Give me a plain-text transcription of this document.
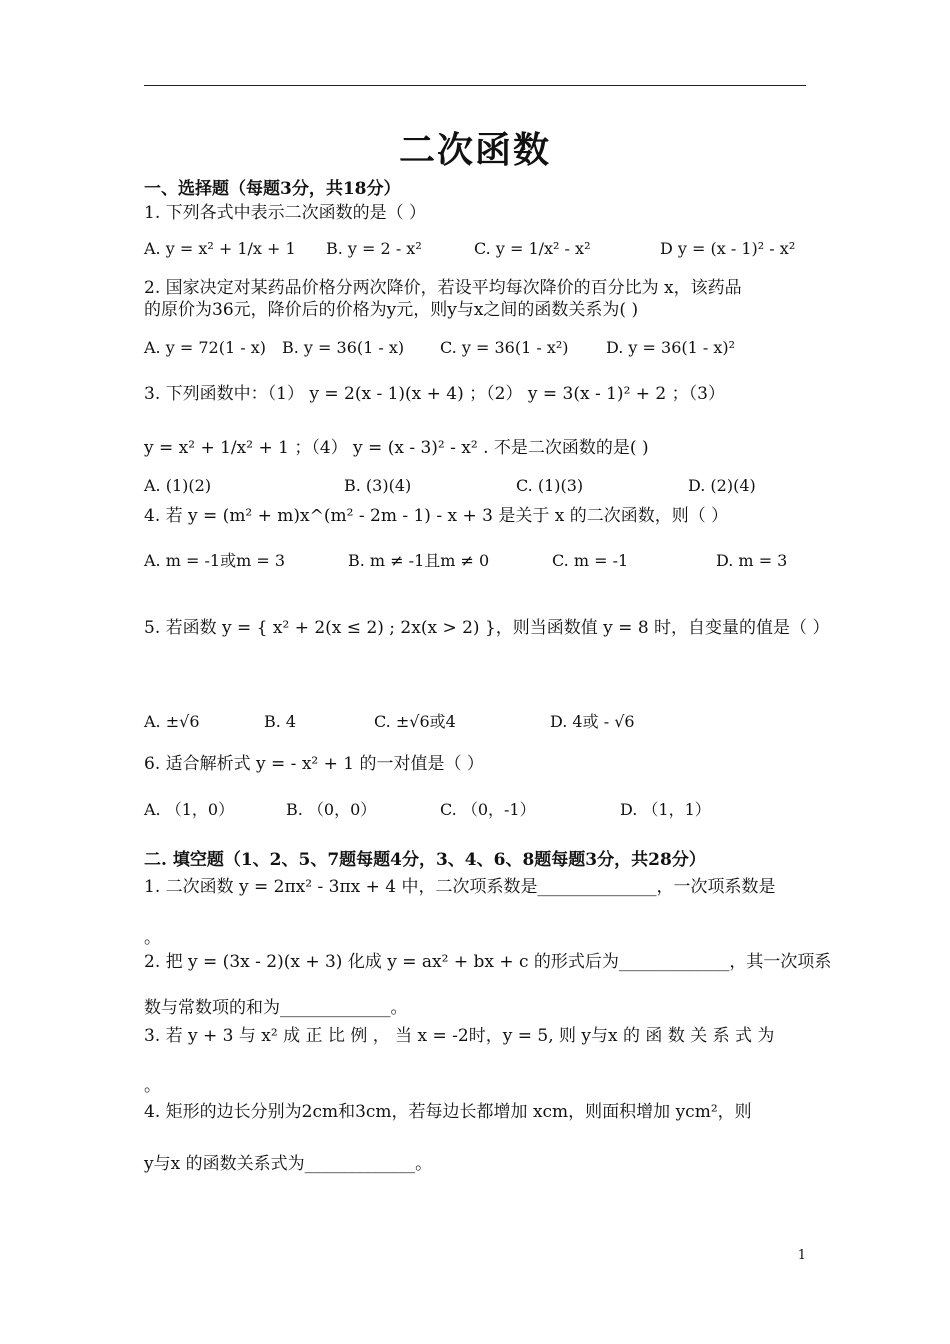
二次函数
一、选择题（每题3分，共18分）
1. 下列各式中表示二次函数的是（ ）
A. y = x² + 1/x + 1 B. y = 2 - x²	C. y = 1/x² - x²	D y = (x - 1)² - x²
2. 国家决定对某药品价格分两次降价，若设平均每次降价的百分比为 x，该药品
的原价为36元，降价后的价格为y元，则y与x之间的函数关系为( )
A. y = 72(1 - x) B. y = 36(1 - x) C. y = 36(1 - x²) D. y = 36(1 - x)²
3. 下列函数中：（1） y = 2(x - 1)(x + 4) ；（2） y = 3(x - 1)² + 2 ；（3）
y = x² + 1/x² + 1 ；（4） y = (x - 3)² - x² . 不是二次函数的是( )
A. (1)(2)	B. (3)(4)	C. (1)(3)	D. (2)(4)
4. 若 y = (m² + m)x^(m² - 2m - 1) - x + 3 是关于 x 的二次函数，则（ ）
A. m = -1或m = 3	B. m ≠ -1且m ≠ 0	C. m = -1	D. m = 3
5. 若函数 y = { x² + 2(x ≤ 2) ; 2x(x > 2) }，则当函数值 y = 8 时，自变量的值是（ ）
A. ±√6	B. 4	C. ±√6或4	D. 4或 - √6
6. 适合解析式 y = - x² + 1 的一对值是（ ）
A. （1，0）	B. （0，0）	C. （0，-1）	D. （1，1）
二. 填空题（1、2、5、7题每题4分，3、4、6、8题每题3分，共28分）
1. 二次函数 y = 2πx² - 3πx + 4 中，二次项系数是______________，一次项系数是
。
2. 把 y = (3x - 2)(x + 3) 化成 y = ax² + bx + c 的形式后为_____________，其一次项系
数与常数项的和为_____________。
3. 若 y + 3 与 x² 成 正 比 例 ， 当 x = -2时，y = 5, 则 y与x 的 函 数 关 系 式 为
。
4. 矩形的边长分别为2cm和3cm，若每边长都增加 xcm，则面积增加 ycm²，则
y与x 的函数关系式为_____________。
1
